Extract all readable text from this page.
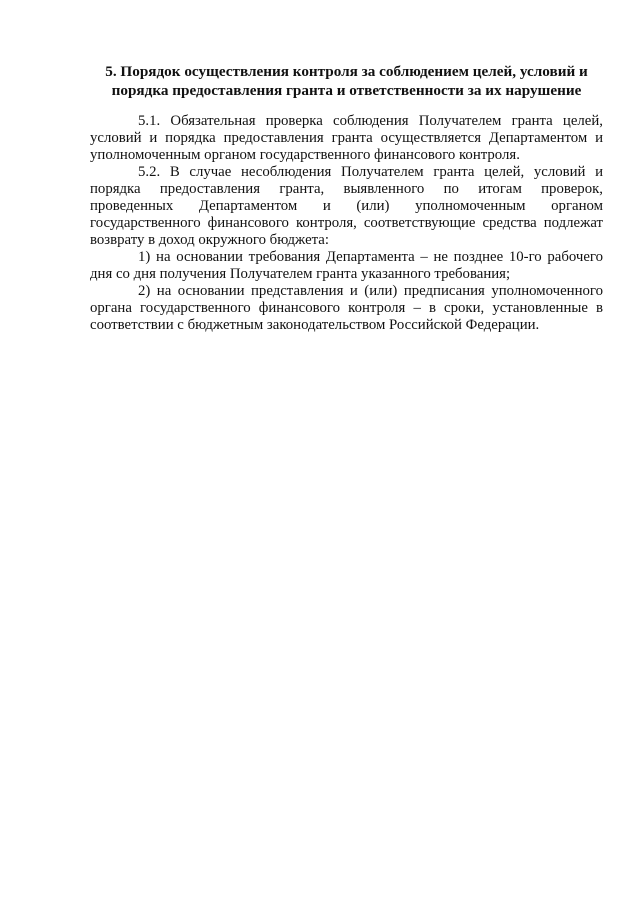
5. Порядок осуществления контроля за соблюдением целей, условий и
порядка предоставления гранта и ответственности за их нарушение
5.1. Обязательная проверка соблюдения Получателем гранта целей,
условий и порядка предоставления гранта осуществляется Департаментом и
уполномоченным органом государственного финансового контроля.
5.2. В случае несоблюдения Получателем гранта целей, условий и
порядка предоставления гранта, выявленного по итогам проверок,
проведенных Департаментом и (или) уполномоченным органом
государственного финансового контроля, соответствующие средства подлежат
возврату в доход окружного бюджета:
1) на основании требования Департамента – не позднее 10-го рабочего
дня со дня получения Получателем гранта указанного требования;
2) на основании представления и (или) предписания уполномоченного
органа государственного финансового контроля – в сроки, установленные в
соответствии с бюджетным законодательством Российской Федерации.
